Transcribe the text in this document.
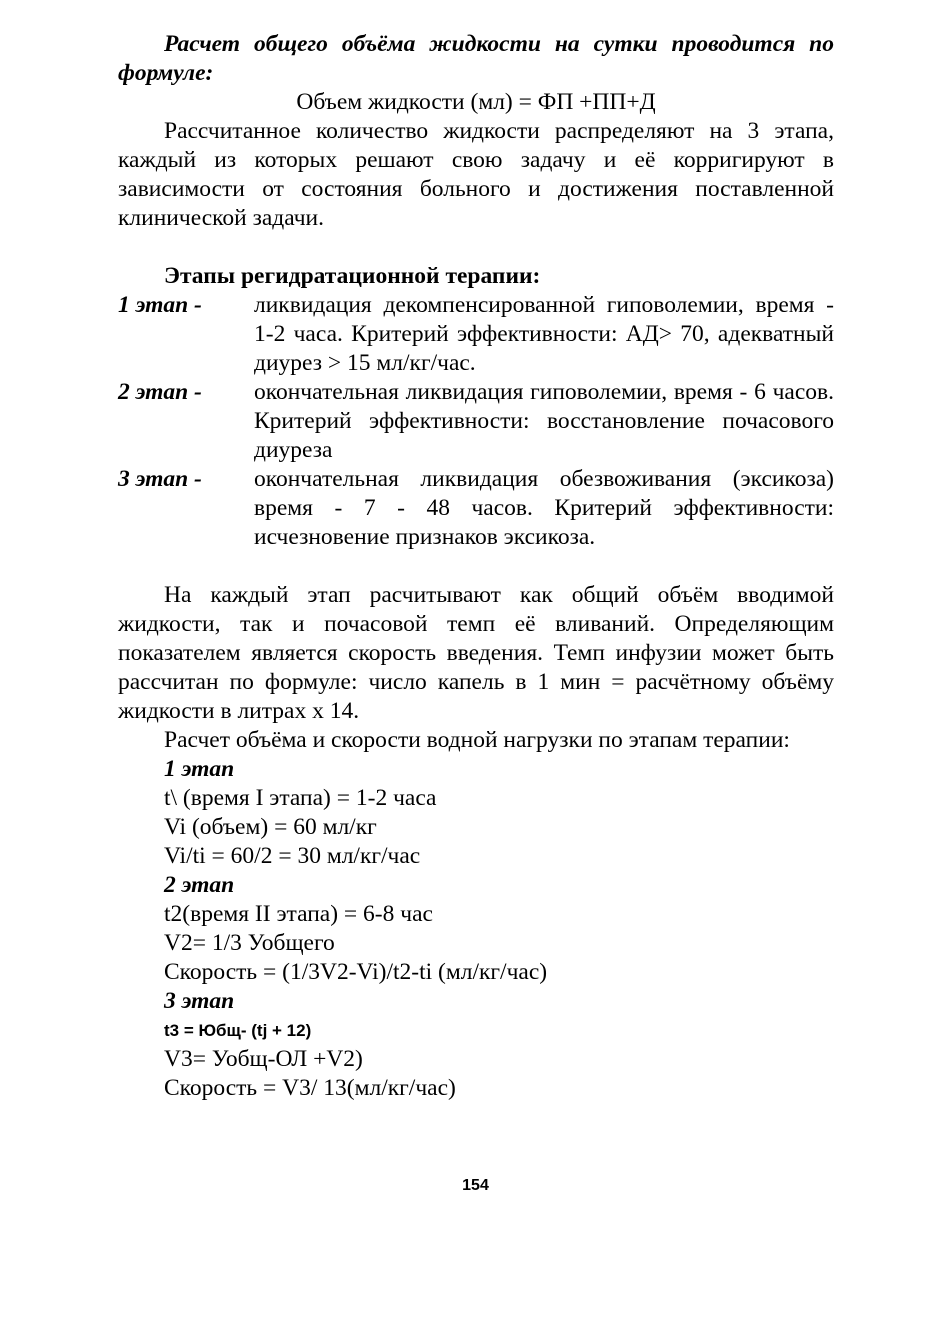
Расчет общего объёма жидкости на сутки проводится по формуле:

Объем жидкости (мл) = ФП +ПП+Д

Рассчитанное количество жидкости распределяют на 3 этапа, каждый из которых решают свою задачу и её корригируют в зависимости от состояния больного и достижения поставленной клинической задачи.

Этапы регидратационной терапии:

1 этап -	ликвидация декомпенсированной гиповолемии, время - 1-2 часа. Критерий эффективности: АД> 70, адекватный диурез > 15 мл/кг/час.
2 этап -	окончательная ликвидация гиповолемии, время - 6 часов. Критерий эффективности: восстановление почасового диуреза
3 этап -	окончательная ликвидация обезвоживания (эксикоза) время - 7 - 48 часов. Критерий эффективности: исчезновение признаков эксикоза.

На каждый этап расчитывают как общий объём вводимой жидкости, так и почасовой темп её вливаний. Определяющим показателем является скорость введения. Темп инфузии может быть рассчитан по формуле: число капель в 1 мин = расчётному объёму жидкости в литрах x 14.

Расчет объёма и скорости водной нагрузки по этапам терапии:

1 этап

t\ (время I этапа) = 1-2 часа

Vi (объем) = 60 мл/кг

Vi/ti = 60/2 = 30 мл/кг/час

2 этап

t2(время II этапа) = 6-8 час

V2= 1/3 Уобщего

Скорость = (1/3V2-Vi)/t2-ti (мл/кг/час)

3 этап

t3 = Юбщ- (tj + 12)

V3= Уобщ-ОЛ +V2)

Скорость = V3/ 13(мл/кг/час)

154
